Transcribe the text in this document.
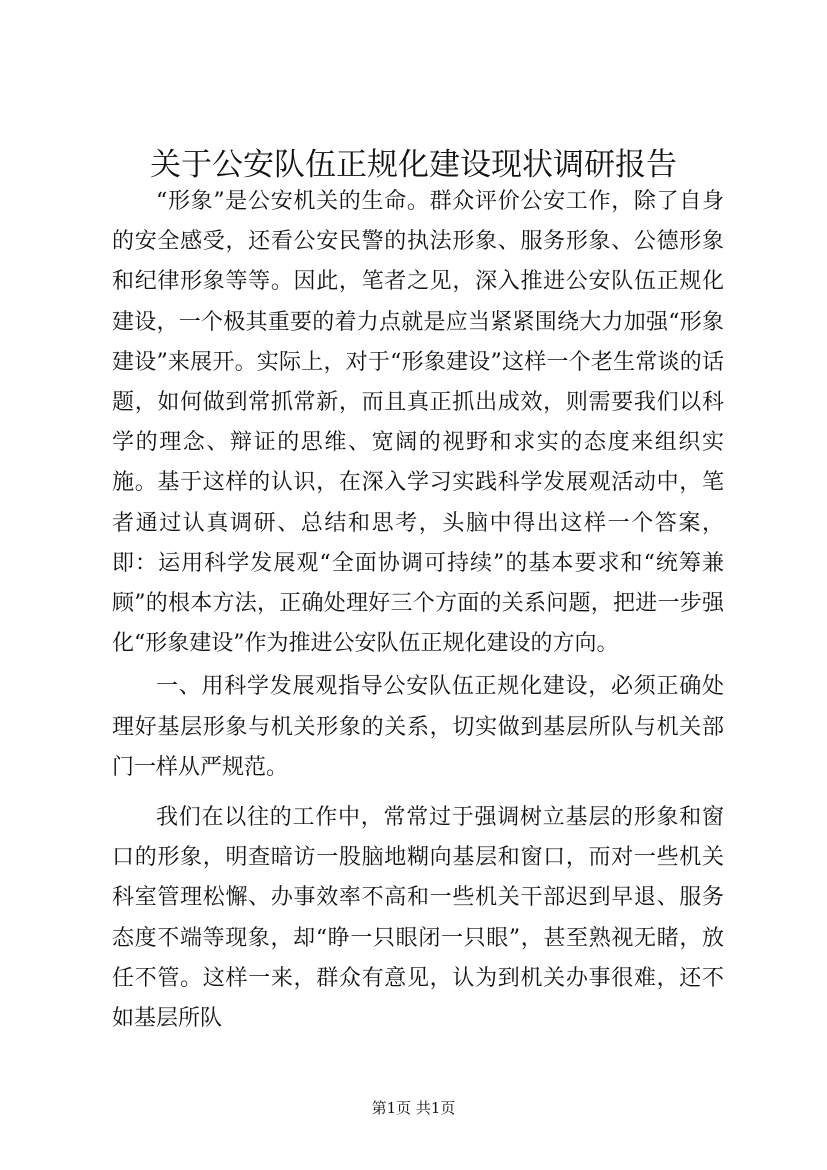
关于公安队伍正规化建设现状调研报告

“形象”是公安机关的生命。群众评价公安工作，除了自身的安全感受，还看公安民警的执法形象、服务形象、公德形象和纪律形象等等。因此，笔者之见，深入推进公安队伍正规化建设，一个极其重要的着力点就是应当紧紧围绕大力加强“形象建设”来展开。实际上，对于“形象建设”这样一个老生常谈的话题，如何做到常抓常新，而且真正抓出成效，则需要我们以科学的理念、辩证的思维、宽阔的视野和求实的态度来组织实施。基于这样的认识，在深入学习实践科学发展观活动中，笔者通过认真调研、总结和思考，头脑中得出这样一个答案，即：运用科学发展观“全面协调可持续”的基本要求和“统筹兼顾”的根本方法，正确处理好三个方面的关系问题，把进一步强化“形象建设”作为推进公安队伍正规化建设的方向。

一、用科学发展观指导公安队伍正规化建设，必须正确处理好基层形象与机关形象的关系，切实做到基层所队与机关部门一样从严规范。

我们在以往的工作中，常常过于强调树立基层的形象和窗口的形象，明查暗访一股脑地糊向基层和窗口，而对一些机关科室管理松懈、办事效率不高和一些机关干部迟到早退、服务态度不端等现象，却“睁一只眼闭一只眼”，甚至熟视无睹，放任不管。这样一来，群众有意见，认为到机关办事很难，还不如基层所队

第1页 共1页
